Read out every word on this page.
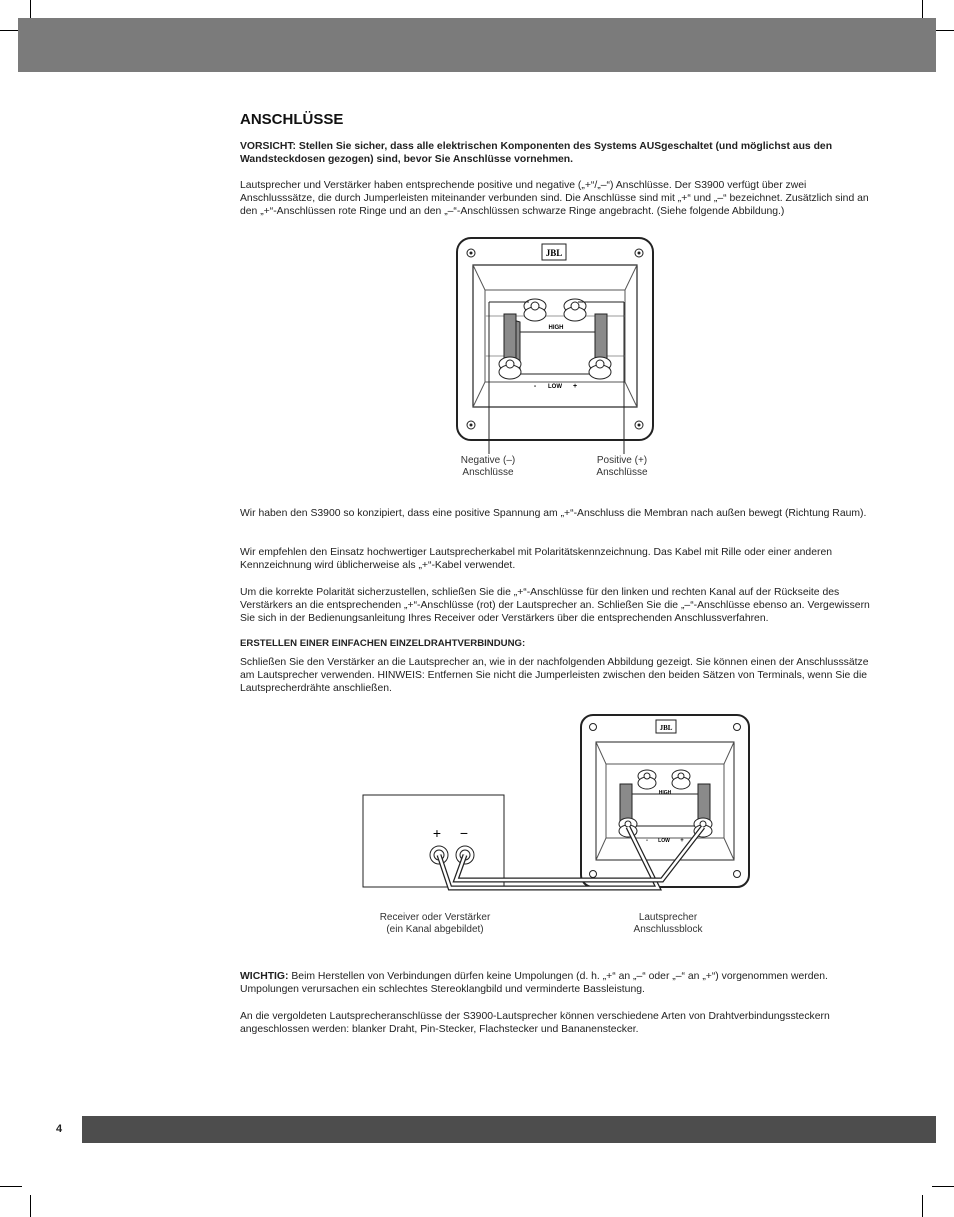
ANSCHLÜSSE

VORSICHT: Stellen Sie sicher, dass alle elektrischen Komponenten des Systems AUSgeschaltet (und möglichst aus den Wandsteckdosen gezogen) sind, bevor Sie Anschlüsse vornehmen.

Lautsprecher und Verstärker haben entsprechende positive und negative („+“/„–“) Anschlüsse. Der S3900 verfügt über zwei Anschlusssätze, die durch Jumperleisten miteinander verbunden sind. Die Anschlüsse sind mit „+“ und „–“ bezeichnet. Zusätzlich sind an den „+“-Anschlüssen rote Ringe und an den „–“-Anschlüssen schwarze Ringe angebracht. (Siehe folgende Abbildung.)

JBL
HIGH
- LOW +
Negative (–)
Anschlüsse
Positive (+)
Anschlüsse

Wir haben den S3900 so konzipiert, dass eine positive Spannung am „+“-Anschluss die Membran nach außen bewegt (Richtung Raum).

Wir empfehlen den Einsatz hochwertiger Lautsprecherkabel mit Polaritätskennzeichnung. Das Kabel mit Rille oder einer anderen Kennzeichnung wird üblicherweise als „+“-Kabel verwendet.

Um die korrekte Polarität sicherzustellen, schließen Sie die „+“-Anschlüsse für den linken und rechten Kanal auf der Rückseite des Verstärkers an die entsprechenden „+“-Anschlüsse (rot) der Lautsprecher an. Schließen Sie die „–“-Anschlüsse ebenso an. Vergewissern Sie sich in der Bedienungsanleitung Ihres Receiver oder Verstärkers über die entsprechenden Anschlussverfahren.

ERSTELLEN EINER EINFACHEN EINZELDRAHTVERBINDUNG:

Schließen Sie den Verstärker an die Lautsprecher an, wie in der nachfolgenden Abbildung gezeigt. Sie können einen der Anschlusssätze am Lautsprecher verwenden. HINWEIS: Entfernen Sie nicht die Jumperleisten zwischen den beiden Sätzen von Terminals, wenn Sie die Lautsprecherdrähte anschließen.

+ −
JBL
HIGH
- LOW +
Receiver oder Verstärker
(ein Kanal abgebildet)
Lautsprecher
Anschlussblock

WICHTIG: Beim Herstellen von Verbindungen dürfen keine Umpolungen (d. h. „+“ an „–“ oder „–“ an „+“) vorgenommen werden. Umpolungen verursachen ein schlechtes Stereoklangbild und verminderte Bassleistung.

An die vergoldeten Lautsprecheranschlüsse der S3900-Lautsprecher können verschiedene Arten von Drahtverbindungssteckern angeschlossen werden: blanker Draht, Pin-Stecker, Flachstecker und Bananenstecker.

4
